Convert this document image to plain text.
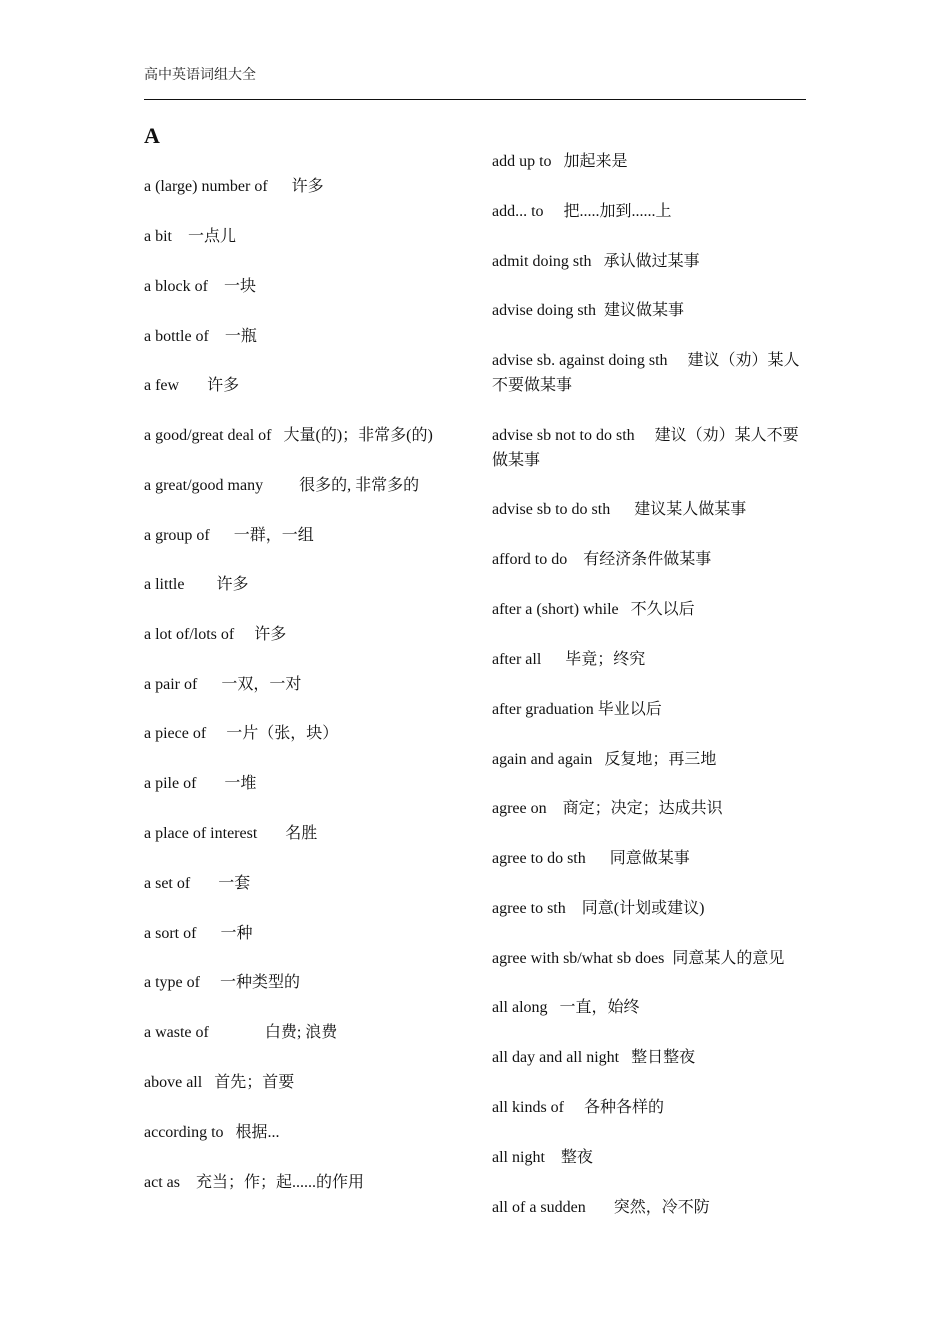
高中英语词组大全
A
a (large) number of 许多
a bit 一点儿
a block of 一块
a bottle of 一瓶
a few 许多
a good/great deal of 大量(的)；非常多(的)
a great/good many 很多的, 非常多的
a group of 一群，一组
a little 许多
a lot of/lots of 许多
a pair of 一双，一对
a piece of 一片（张，块）
a pile of 一堆
a place of interest 名胜
a set of 一套
a sort of 一种
a type of 一种类型的
a waste of	白费; 浪费
above all 首先；首要
according to 根据...
act as 充当；作；起......的作用
add up to 加起来是
add... to 把.....加到......上
admit doing sth 承认做过某事
advise doing sth 建议做某事
advise sb. against doing sth 建议（劝）某人不要做某事
advise sb not to do sth 建议（劝）某人不要做某事
advise sb to do sth 建议某人做某事
afford to do 有经济条件做某事
after a (short) while 不久以后
after all 毕竟；终究
after graduation 毕业以后
again and again 反复地；再三地
agree on 商定；决定；达成共识
agree to do sth 同意做某事
agree to sth 同意(计划或建议)
agree with sb/what sb does 同意某人的意见
all along 一直，始终
all day and all night 整日整夜
all kinds of 各种各样的
all night 整夜
all of a sudden 突然，冷不防
